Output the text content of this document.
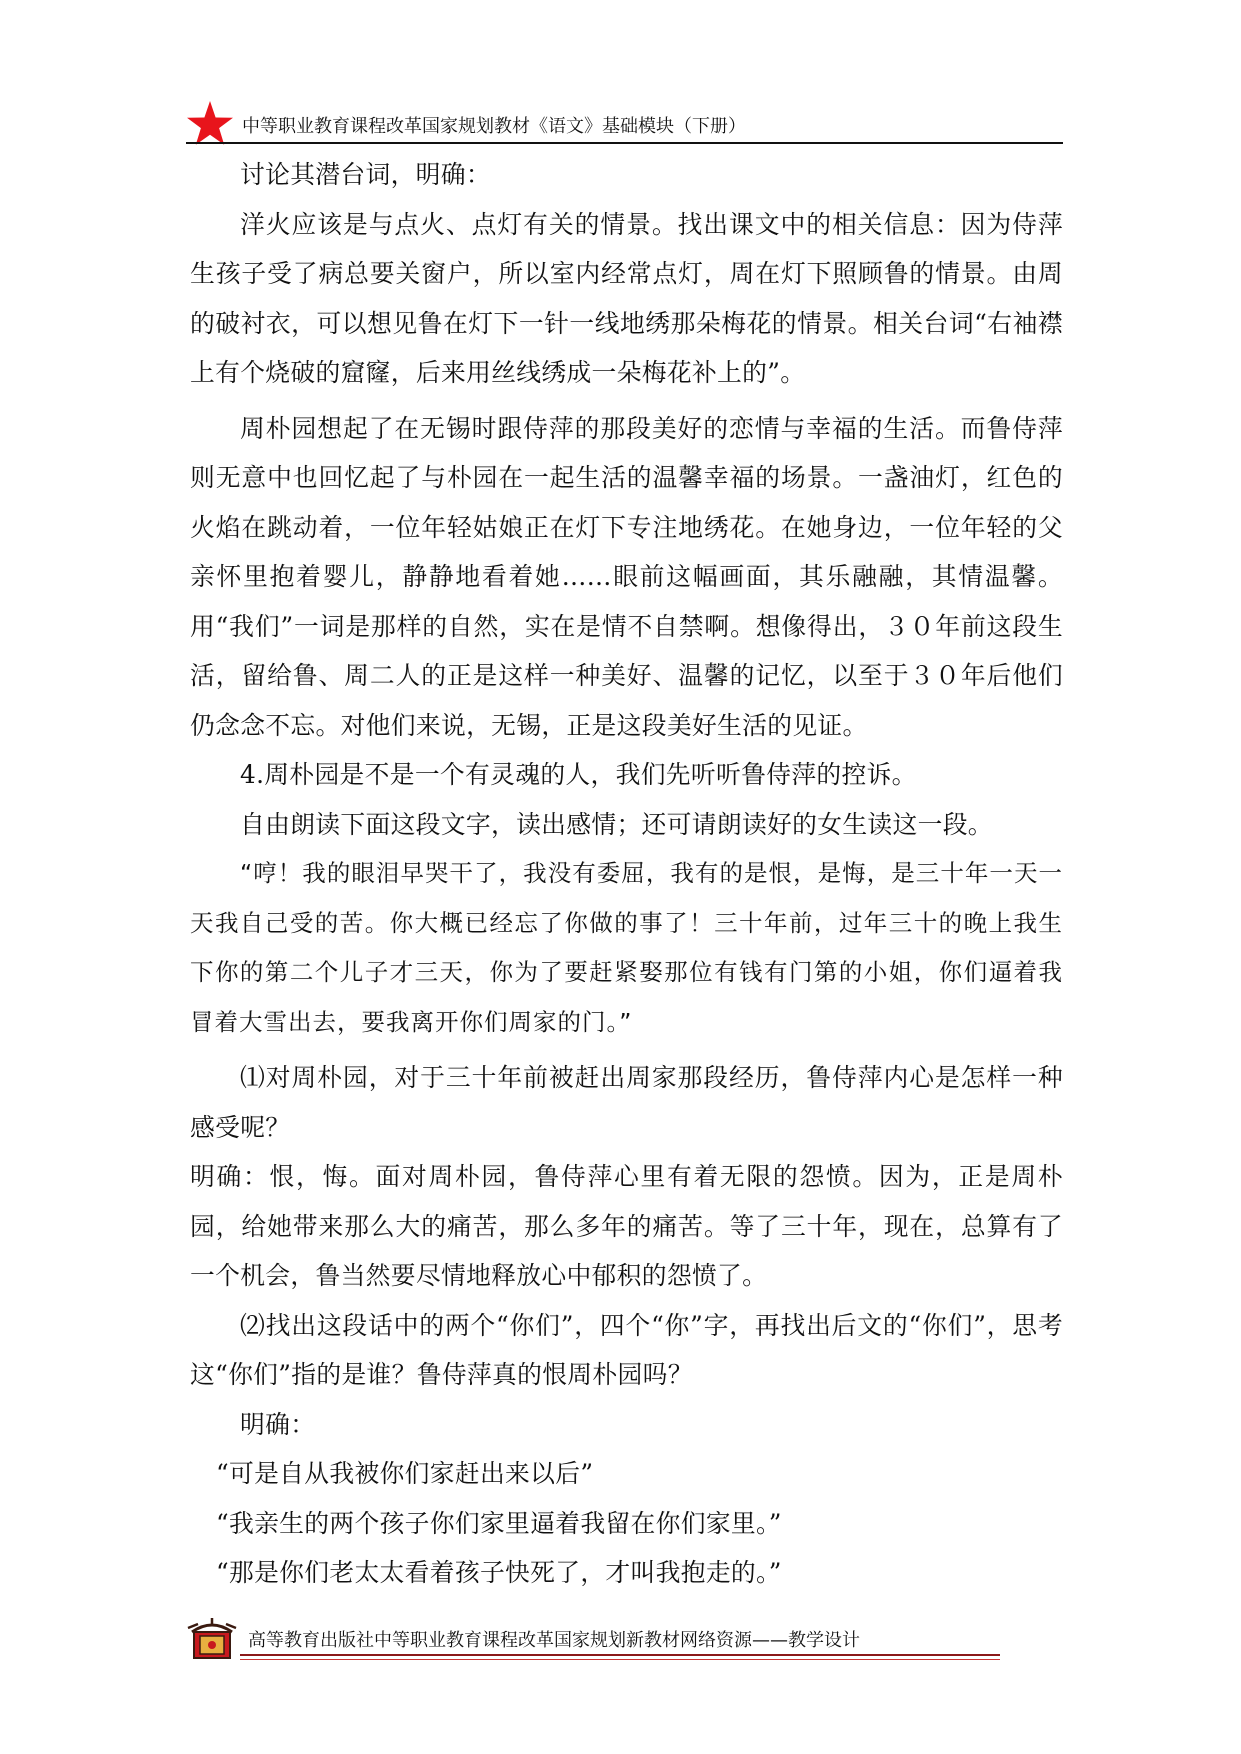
中等职业教育课程改革国家规划教材《语文》基础模块（下册）

讨论其潜台词，明确：

洋火应该是与点火、点灯有关的情景。找出课文中的相关信息：因为侍萍生孩子受了病总要关窗户，所以室内经常点灯，周在灯下照顾鲁的情景。由周的破衬衣，可以想见鲁在灯下一针一线地绣那朵梅花的情景。相关台词“右袖襟上有个烧破的窟窿，后来用丝线绣成一朵梅花补上的”。

周朴园想起了在无锡时跟侍萍的那段美好的恋情与幸福的生活。而鲁侍萍则无意中也回忆起了与朴园在一起生活的温馨幸福的场景。一盏油灯，红色的火焰在跳动着，一位年轻姑娘正在灯下专注地绣花。在她身边，一位年轻的父亲怀里抱着婴儿，静静地看着她……眼前这幅画面，其乐融融，其情温馨。用“我们”一词是那样的自然，实在是情不自禁啊。想像得出，３０年前这段生活，留给鲁、周二人的正是这样一种美好、温馨的记忆，以至于３０年后他们仍念念不忘。对他们来说，无锡，正是这段美好生活的见证。

4.周朴园是不是一个有灵魂的人，我们先听听鲁侍萍的控诉。

自由朗读下面这段文字，读出感情；还可请朗读好的女生读这一段。

“哼！我的眼泪早哭干了，我没有委屈，我有的是恨，是悔，是三十年一天一天我自己受的苦。你大概已经忘了你做的事了！三十年前，过年三十的晚上我生下你的第二个儿子才三天，你为了要赶紧娶那位有钱有门第的小姐，你们逼着我冒着大雪出去，要我离开你们周家的门。”

⑴对周朴园，对于三十年前被赶出周家那段经历，鲁侍萍内心是怎样一种感受呢？

明确：恨，悔。面对周朴园，鲁侍萍心里有着无限的怨愤。因为，正是周朴园，给她带来那么大的痛苦，那么多年的痛苦。等了三十年，现在，总算有了一个机会，鲁当然要尽情地释放心中郁积的怨愤了。

⑵找出这段话中的两个“你们”，四个“你”字，再找出后文的“你们”，思考这“你们”指的是谁？鲁侍萍真的恨周朴园吗？

明确：

“可是自从我被你们家赶出来以后”

“我亲生的两个孩子你们家里逼着我留在你们家里。”

“那是你们老太太看着孩子快死了，才叫我抱走的。”

高等教育出版社中等职业教育课程改革国家规划新教材网络资源——教学设计
